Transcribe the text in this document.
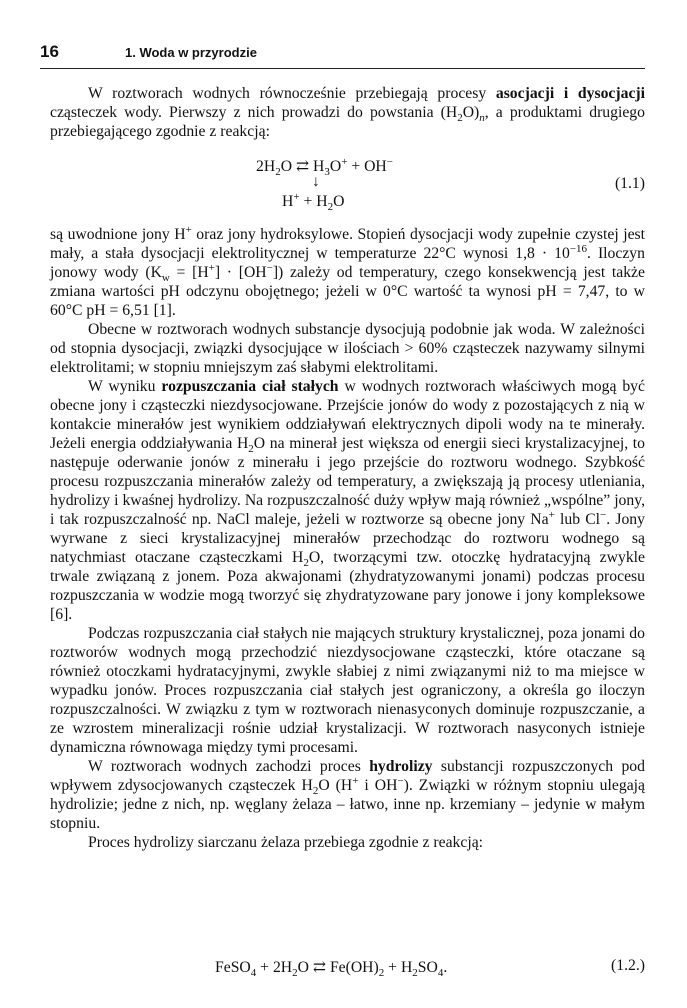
16	1. Woda w przyrodzie

W roztworach wodnych równocześnie przebiegają procesy asocjacji i dysocjacji cząsteczek wody. Pierwszy z nich prowadzi do powstania $(H_2O)_n$, a produktami drugiego przebiegającego zgodnie z reakcją:

$2H_2O$ ⇄ $H_3O^+ + OH^-$
↓	(1.1)
$H^+ + H_2O$

są uwodnione jony H+ oraz jony hydroksylowe. Stopień dysocjacji wody zupełnie czystej jest mały, a stała dysocjacji elektrolitycznej w temperaturze 22°C wynosi $1,8 \cdot 10^{-16}$. Iloczyn jonowy wody $(K_w = [H^+] \cdot [OH^-])$ zależy od temperatury, czego konsekwencją jest także zmiana wartości pH odczynu obojętnego; jeżeli w 0°C wartość ta wynosi pH = 7,47, to w 60°C pH = 6,51 [1].

Obecne w roztworach wodnych substancje dysocjują podobnie jak woda. W zależności od stopnia dysocjacji, związki dysocjujące w ilościach > 60% cząsteczek nazywamy silnymi elektrolitami; w stopniu mniejszym zaś słabymi elektrolitami.

W wyniku rozpuszczania ciał stałych w wodnych roztworach właściwych mogą być obecne jony i cząsteczki niezdysocjowane. Przejście jonów do wody z pozostających z nią w kontakcie minerałów jest wynikiem oddziaływań elektrycznych dipoli wody na te minerały. Jeżeli energia oddziaływania $H_2O$ na minerał jest większa od energii sieci krystalizacyjnej, to następuje oderwanie jonów z minerału i jego przejście do roztworu wodnego. Szybkość procesu rozpuszczania minerałów zależy od temperatury, a zwiększają ją procesy utleniania, hydrolizy i kwaśnej hydrolizy. Na rozpuszczalność duży wpływ mają również „wspólne” jony, i tak rozpuszczalność np. NaCl maleje, jeżeli w roztworze są obecne jony Na+ lub Cl−. Jony wyrwane z sieci krystalizacyjnej minerałów przechodząc do roztworu wodnego są natychmiast otaczane cząsteczkami $H_2O$, tworzącymi tzw. otoczkę hydratacyjną zwykle trwale związaną z jonem. Poza akwajonami (zhydratyzowanymi jonami) podczas procesu rozpuszczania w wodzie mogą tworzyć się zhydratyzowane pary jonowe i jony kompleksowe [6].

Podczas rozpuszczania ciał stałych nie mających struktury krystalicznej, poza jonami do roztworów wodnych mogą przechodzić niezdysocjowane cząsteczki, które otaczane są również otoczkami hydratacyjnymi, zwykle słabiej z nimi związanymi niż to ma miejsce w wypadku jonów. Proces rozpuszczania ciał stałych jest ograniczony, a określa go iloczyn rozpuszczalności. W związku z tym w roztworach nienasyconych dominuje rozpuszczanie, a ze wzrostem mineralizacji rośnie udział krystalizacji. W roztworach nasyconych istnieje dynamiczna równowaga między tymi procesami.

W roztworach wodnych zachodzi proces hydrolizy substancji rozpuszczonych pod wpływem zdysocjowanych cząsteczek $H_2O$ (H+ i OH−). Związki w różnym stopniu ulegają hydrolizie; jedne z nich, np. węglany żelaza – łatwo, inne np. krzemiany – jedynie w małym stopniu.

Proces hydrolizy siarczanu żelaza przebiega zgodnie z reakcją:

FeSO$_4$ + $2H_2O$ ⇄ $Fe(OH)_2 + H_2SO_4$.	(1.2.)
